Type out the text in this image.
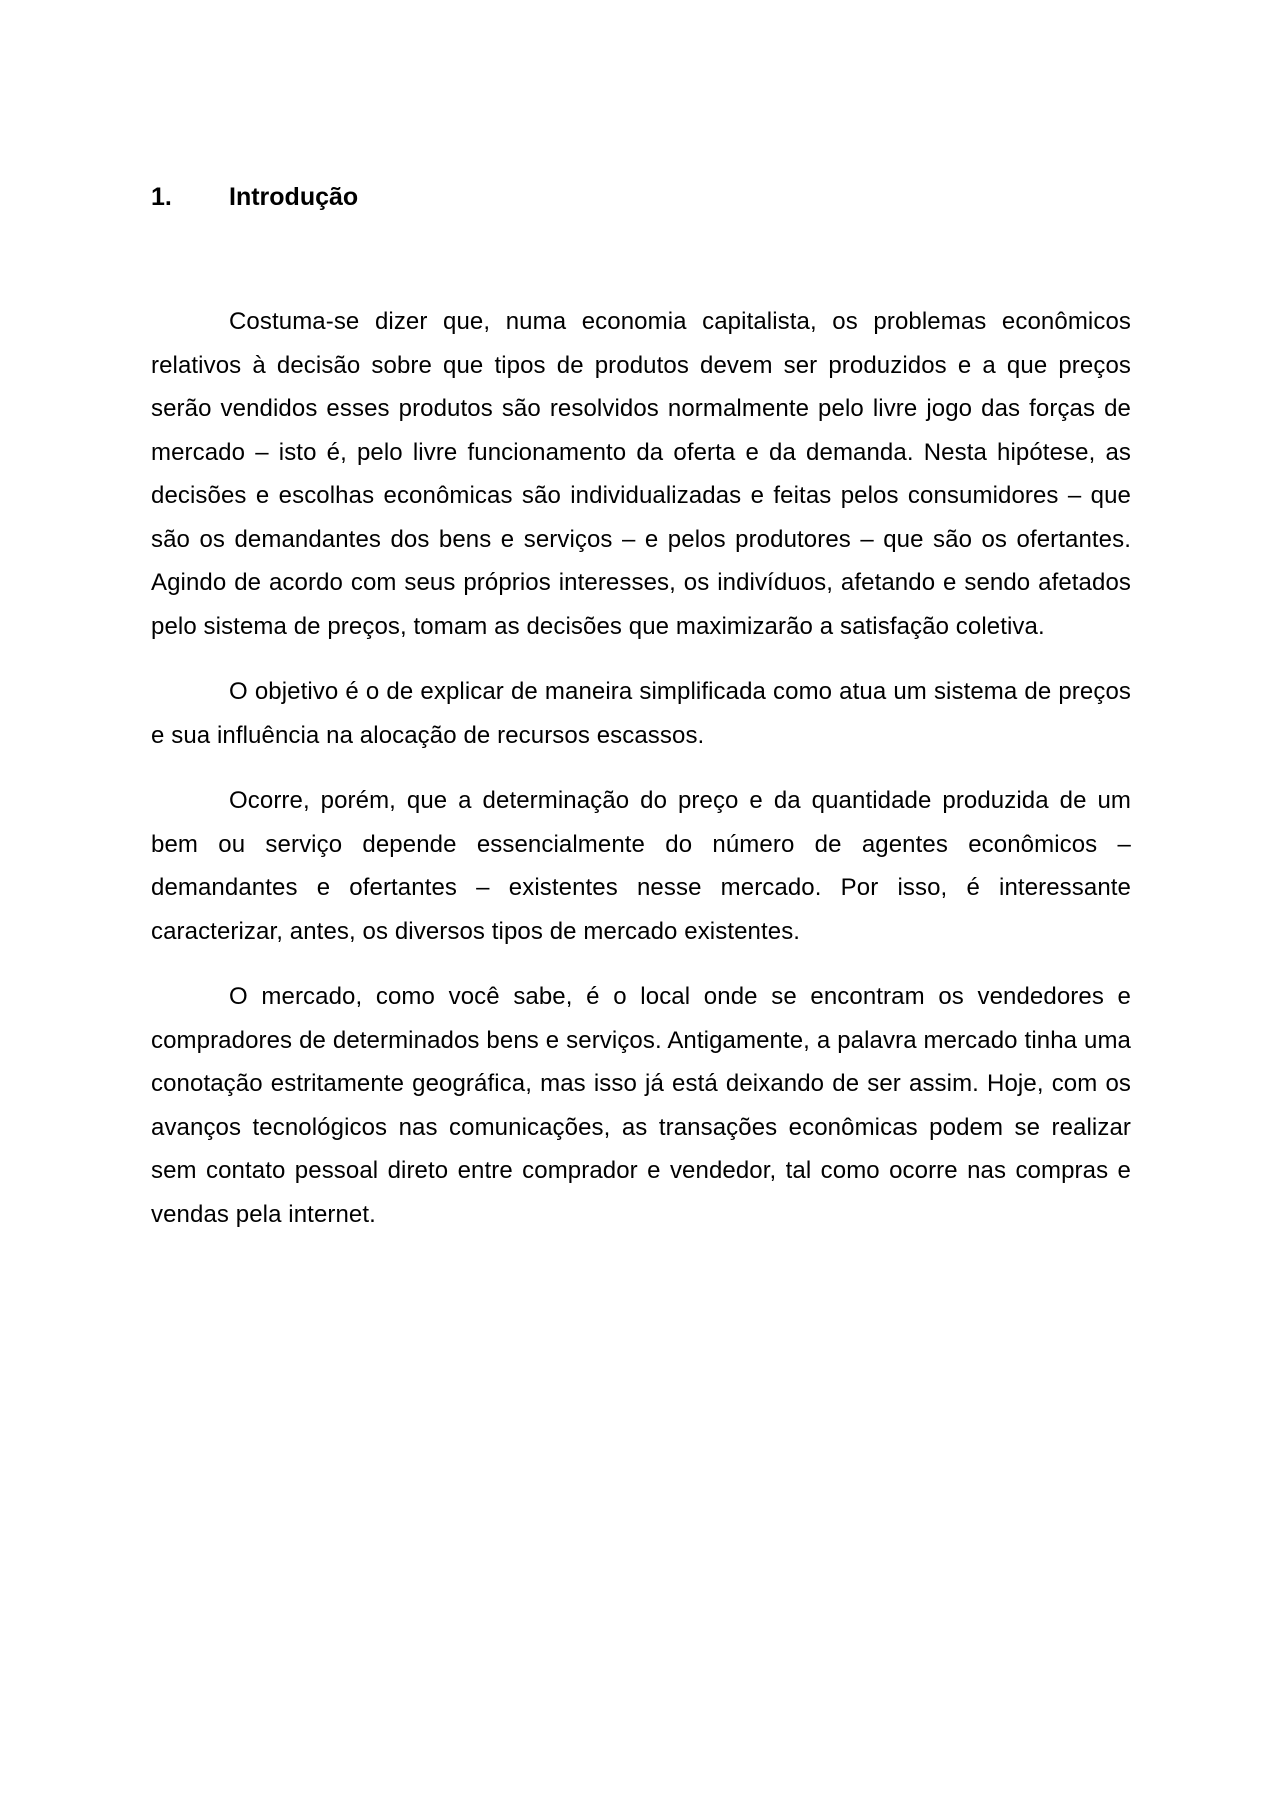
1. Introdução

Costuma-se dizer que, numa economia capitalista, os problemas econômicos relativos à decisão sobre que tipos de produtos devem ser produzidos e a que preços serão vendidos esses produtos são resolvidos normalmente pelo livre jogo das forças de mercado – isto é, pelo livre funcionamento da oferta e da demanda. Nesta hipótese, as decisões e escolhas econômicas são individualizadas e feitas pelos consumidores – que são os demandantes dos bens e serviços – e pelos produtores – que são os ofertantes. Agindo de acordo com seus próprios interesses, os indivíduos, afetando e sendo afetados pelo sistema de preços, tomam as decisões que maximizarão a satisfação coletiva.

O objetivo é o de explicar de maneira simplificada como atua um sistema de preços e sua influência na alocação de recursos escassos.

Ocorre, porém, que a determinação do preço e da quantidade produzida de um bem ou serviço depende essencialmente do número de agentes econômicos – demandantes e ofertantes – existentes nesse mercado. Por isso, é interessante caracterizar, antes, os diversos tipos de mercado existentes.

O mercado, como você sabe, é o local onde se encontram os vendedores e compradores de determinados bens e serviços. Antigamente, a palavra mercado tinha uma conotação estritamente geográfica, mas isso já está deixando de ser assim. Hoje, com os avanços tecnológicos nas comunicações, as transações econômicas podem se realizar sem contato pessoal direto entre comprador e vendedor, tal como ocorre nas compras e vendas pela internet.
